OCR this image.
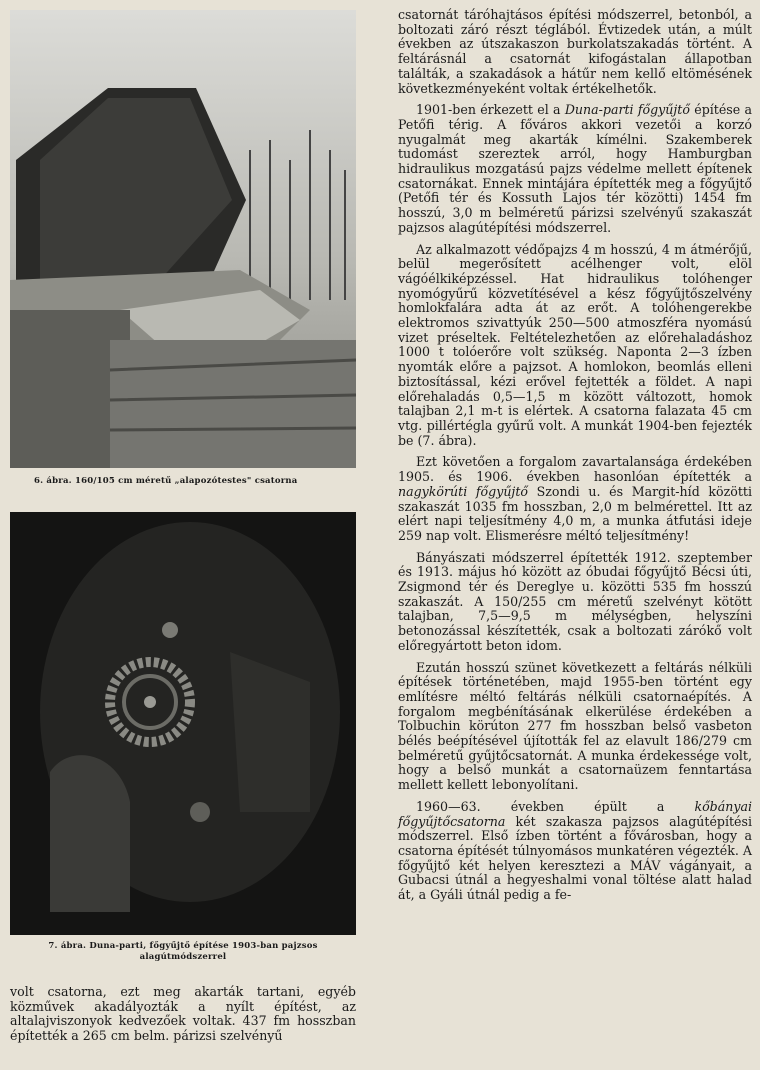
6. ábra. 160/105 cm méretű „alapozótestes" csatorna
7. ábra. Duna-parti, főgyűjtő építése 1903-ban pajzsos alagútmódszerrel

volt csatorna, ezt meg akarták tartani, egyéb közművek akadályozták a nyílt építést, az altalajviszonyok kedvezőek voltak. 437 fm hosszban építették a 265 cm belm. párizsi szelvényű

csatornát táróhajtásos építési módszerrel, betonból, a boltozati záró részt téglából. Évtizedek után, a múlt években az útszakaszon burkolatszakadás történt. A feltárásnál a csatornát kifogástalan állapotban találták, a szakadások a hátűr nem kellő eltömésének következményeként voltak értékelhetők.

1901-ben érkezett el a Duna-parti főgyűjtő építése a Petőfi térig. A főváros akkori vezetői a korzó nyugalmát meg akarták kímélni. Szakemberek tudomást szereztek arról, hogy Hamburgban hidraulikus mozgatású pajzs védelme mellett építenek csatornákat. Ennek mintájára építették meg a főgyűjtő (Petőfi tér és Kossuth Lajos tér közötti) 1454 fm hosszú, 3,0 m belméretű párizsi szelvényű szakaszát pajzsos alagútépítési módszerrel.

Az alkalmazott védőpajzs 4 m hosszú, 4 m átmérőjű, belül megerősített acélhenger volt, elöl vágóélkiképzéssel. Hat hidraulikus tolóhenger nyomógyűrű közvetítésével a kész főgyűjtőszelvény homlokfalára adta át az erőt. A tolóhengerekbe elektromos szivattyúk 250—500 atmoszféra nyomású vizet préseltek. Feltételezhetően az előrehaladáshoz 1000 t tolóerőre volt szükség. Naponta 2—3 ízben nyomták előre a pajzsot. A homlokon, beomlás elleni biztosítással, kézi erővel fejtették a földet. A napi előrehaladás 0,5—1,5 m között változott, homok talajban 2,1 m-t is elértek. A csatorna falazata 45 cm vtg. pillértégla gyűrű volt. A munkát 1904-ben fejezték be (7. ábra).

Ezt követően a forgalom zavartalansága érdekében 1905. és 1906. években hasonlóan építették a nagykörúti főgyűjtő Szondi u. és Margit-híd közötti szakaszát 1035 fm hosszban, 2,0 m belmérettel. Itt az elért napi teljesítmény 4,0 m, a munka átfutási ideje 259 nap volt. Elismerésre méltó teljesítmény!

Bányászati módszerrel építették 1912. szeptember és 1913. május hó között az óbudai főgyűjtő Bécsi úti, Zsigmond tér és Dereglye u. közötti 535 fm hosszú szakaszát. A 150/255 cm méretű szelvényt kötött talajban, 7,5—9,5 m mélységben, helyszíni betonozással készítették, csak a boltozati zárókő volt előregyártott beton idom.

Ezután hosszú szünet következett a feltárás nélküli építések történetében, majd 1955-ben történt egy említésre méltó feltárás nélküli csatornaépítés. A forgalom megbénításának elkerülése érdekében a Tolbuchin körúton 277 fm hosszban belső vasbeton bélés beépítésével újították fel az elavult 186/279 cm belméretű gyűjtőcsatornát. A munka érdekessége volt, hogy a belső munkát a csatornaüzem fenntartása mellett kellett lebonyolítani.

1960—63. években épült a kőbányai főgyűjtőcsatorna két szakasza pajzsos alagútépítési módszerrel. Első ízben történt a fővárosban, hogy a csatorna építését túlnyomásos munkatéren végezték. A főgyűjtő két helyen keresztezi a MÁV vágányait, a Gubacsi útnál a hegyeshalmi vonal töltése alatt halad át, a Gyáli útnál pedig a fe-
